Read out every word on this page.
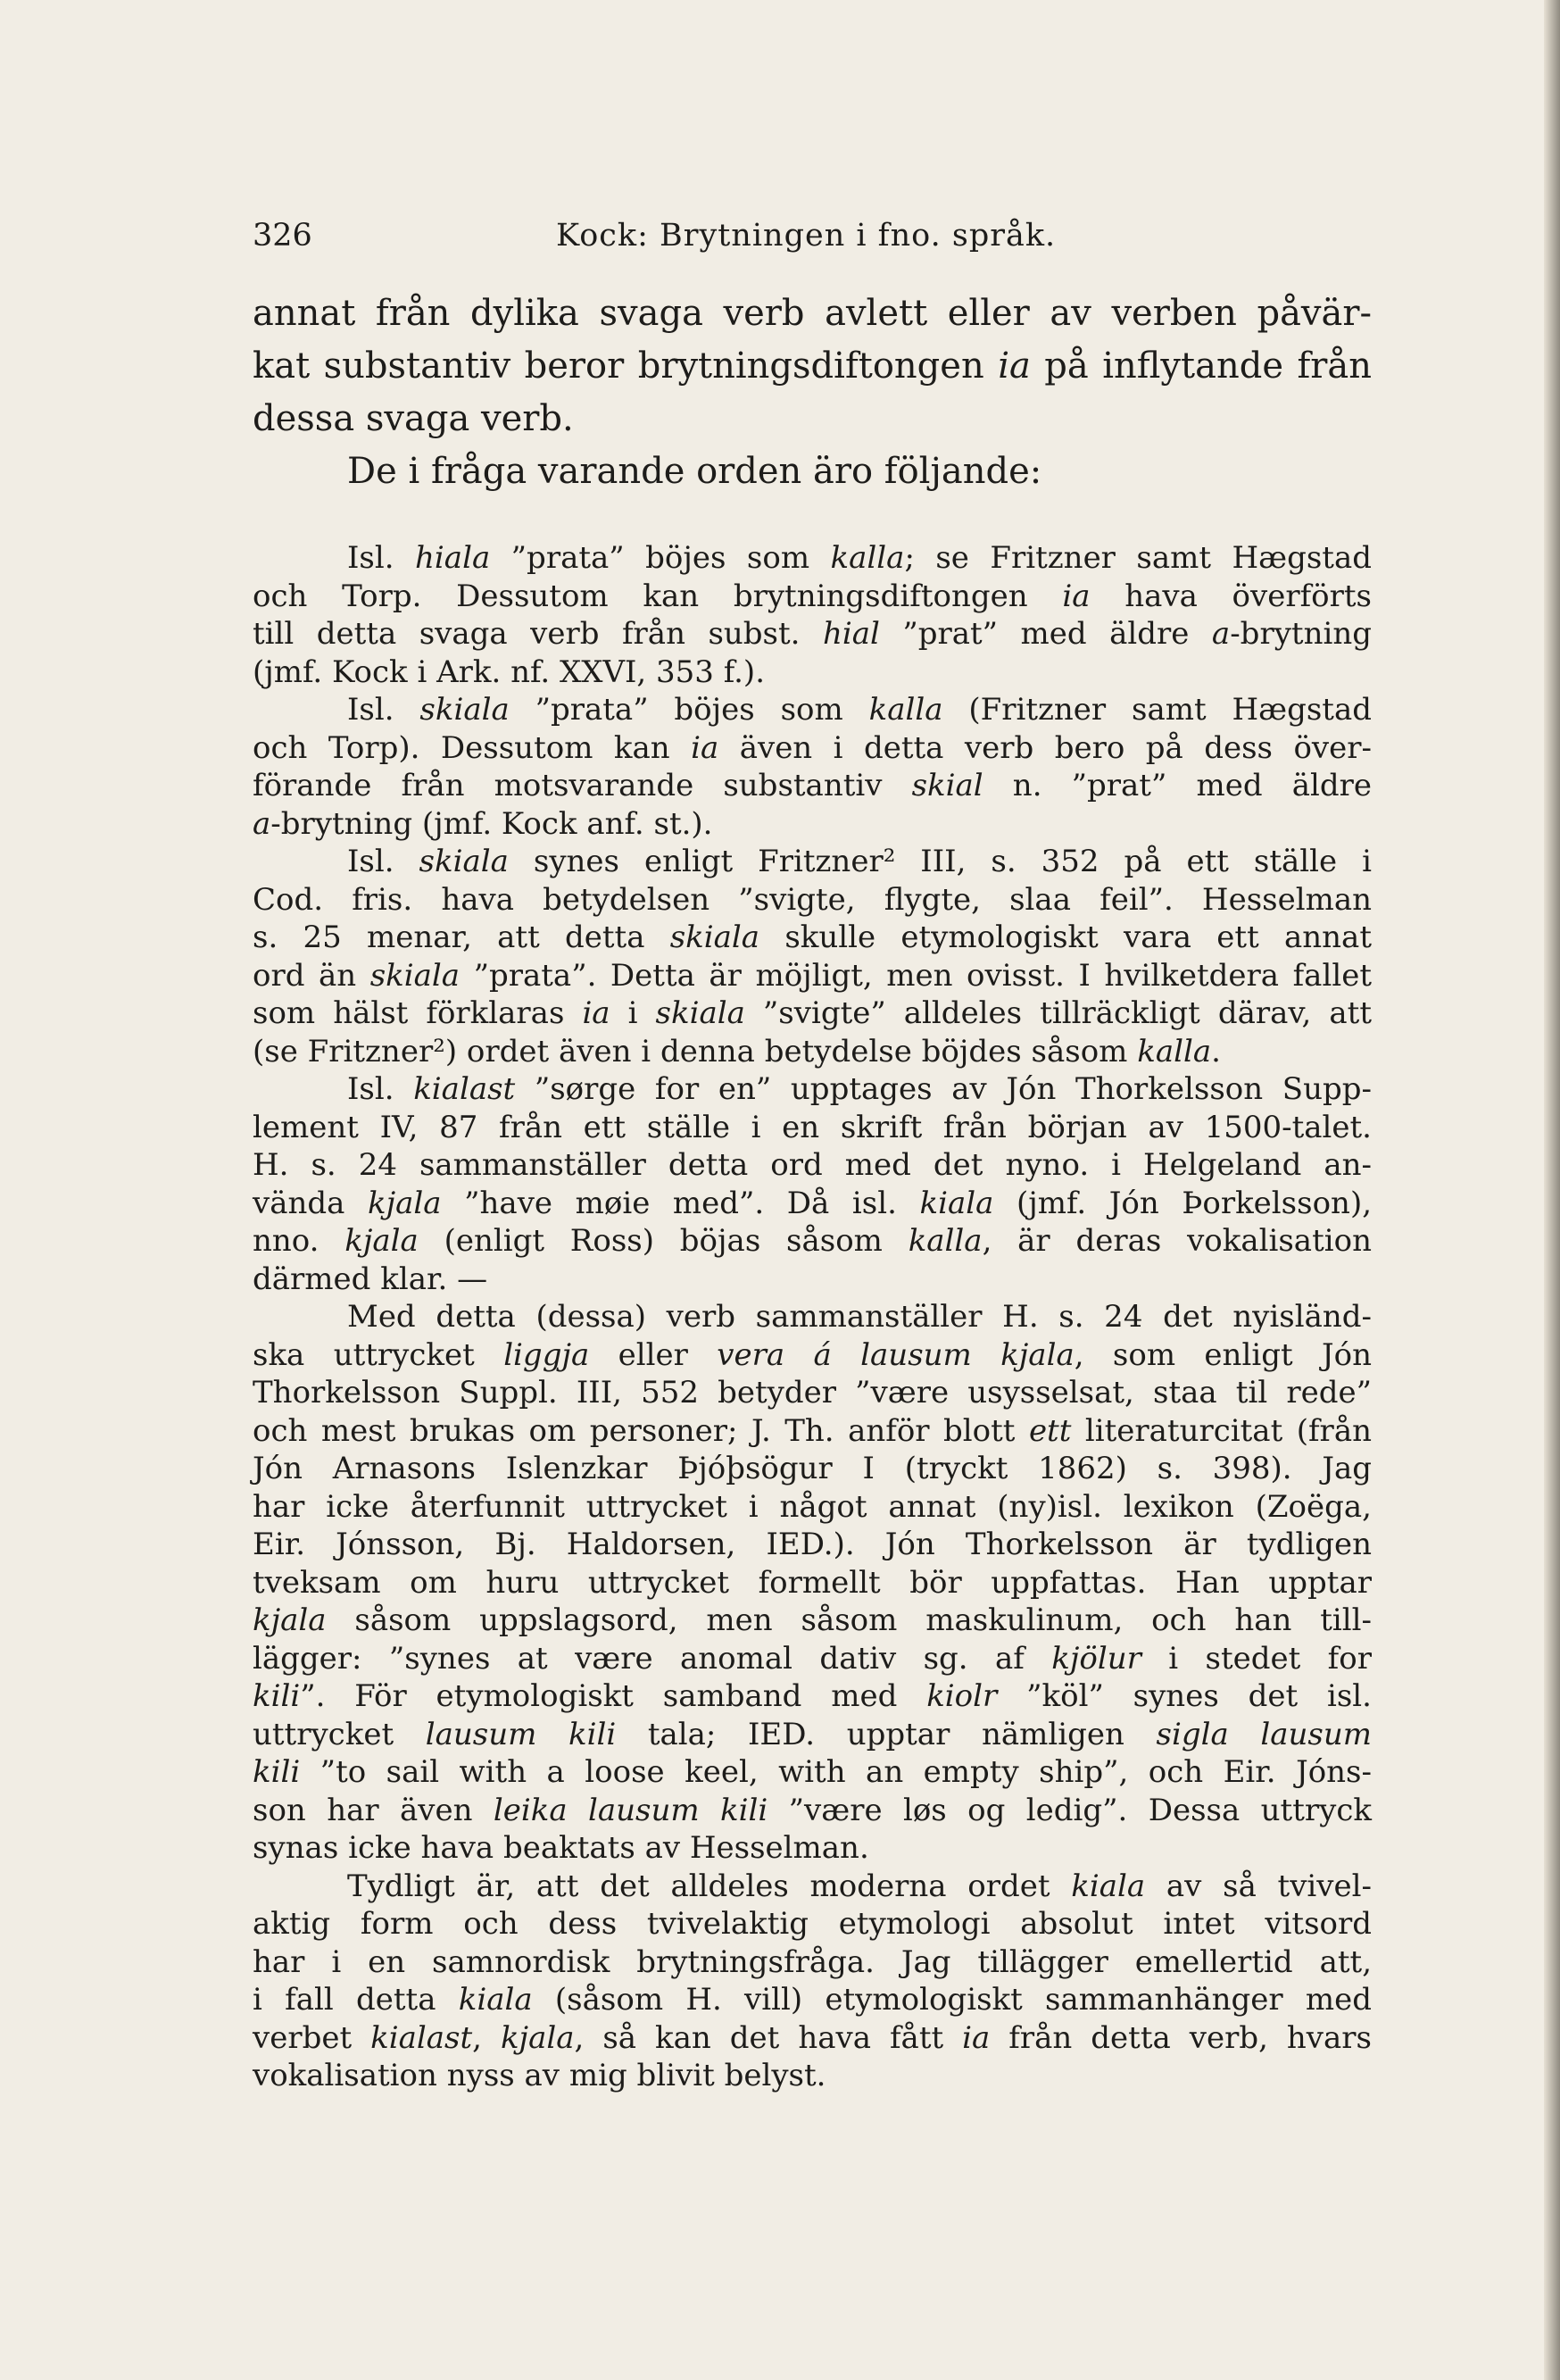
326	Kock: Brytningen i fno. språk.
annat från dylika svaga verb avlett eller av verben påvär-
kat substantiv beror brytningsdiftongen ia på inflytande från
dessa svaga verb.
De i fråga varande orden äro följande:
Isl. hiala ”prata” böjes som kalla; se Fritzner samt Hægstad
och Torp. Dessutom kan brytningsdiftongen ia hava överförts
till detta svaga verb från subst. hial ”prat” med äldre a-brytning
(jmf. Kock i Ark. nf. XXVI, 353 f.).
Isl. skiala ”prata” böjes som kalla (Fritzner samt Hægstad
och Torp). Dessutom kan ia även i detta verb bero på dess över-
förande från motsvarande substantiv skial n. ”prat” med äldre
a-brytning (jmf. Kock anf. st.).
Isl. skiala synes enligt Fritzner² III, s. 352 på ett ställe i
Cod. fris. hava betydelsen ”svigte, flygte, slaa feil”. Hesselman
s. 25 menar, att detta skiala skulle etymologiskt vara ett annat
ord än skiala ”prata”. Detta är möjligt, men ovisst. I hvilketdera fallet
som hälst förklaras ia i skiala ”svigte” alldeles tillräckligt därav, att
(se Fritzner²) ordet även i denna betydelse böjdes såsom kalla.
Isl. kialast ”sørge for en” upptages av Jón Thorkelsson Supp-
lement IV, 87 från ett ställe i en skrift från början av 1500-talet.
H. s. 24 sammanställer detta ord med det nyno. i Helgeland an-
vända kjala ”have møie med”. Då isl. kiala (jmf. Jón Þorkelsson),
nno. kjala (enligt Ross) böjas såsom kalla, är deras vokalisation
därmed klar. —
Med detta (dessa) verb sammanställer H. s. 24 det nyisländ-
ska uttrycket liggja eller vera á lausum kjala, som enligt Jón
Thorkelsson Suppl. III, 552 betyder ”være usysselsat, staa til rede”
och mest brukas om personer; J. Th. anför blott ett literaturcitat (från
Jón Arnasons Islenzkar Þjóþsögur I (tryckt 1862) s. 398). Jag
har icke återfunnit uttrycket i något annat (ny)isl. lexikon (Zoëga,
Eir. Jónsson, Bj. Haldorsen, IED.). Jón Thorkelsson är tydligen
tveksam om huru uttrycket formellt bör uppfattas. Han upptar
kjala såsom uppslagsord, men såsom maskulinum, och han till-
lägger: ”synes at være anomal dativ sg. af kjölur i stedet for
kili”. För etymologiskt samband med kiolr ”köl” synes det isl.
uttrycket lausum kili tala; IED. upptar nämligen sigla lausum
kili ”to sail with a loose keel, with an empty ship”, och Eir. Jóns-
son har även leika lausum kili ”være løs og ledig”. Dessa uttryck
synas icke hava beaktats av Hesselman.
Tydligt är, att det alldeles moderna ordet kiala av så tvivel-
aktig form och dess tvivelaktig etymologi absolut intet vitsord
har i en samnordisk brytningsfråga. Jag tillägger emellertid att,
i fall detta kiala (såsom H. vill) etymologiskt sammanhänger med
verbet kialast, kjala, så kan det hava fått ia från detta verb, hvars
vokalisation nyss av mig blivit belyst.
